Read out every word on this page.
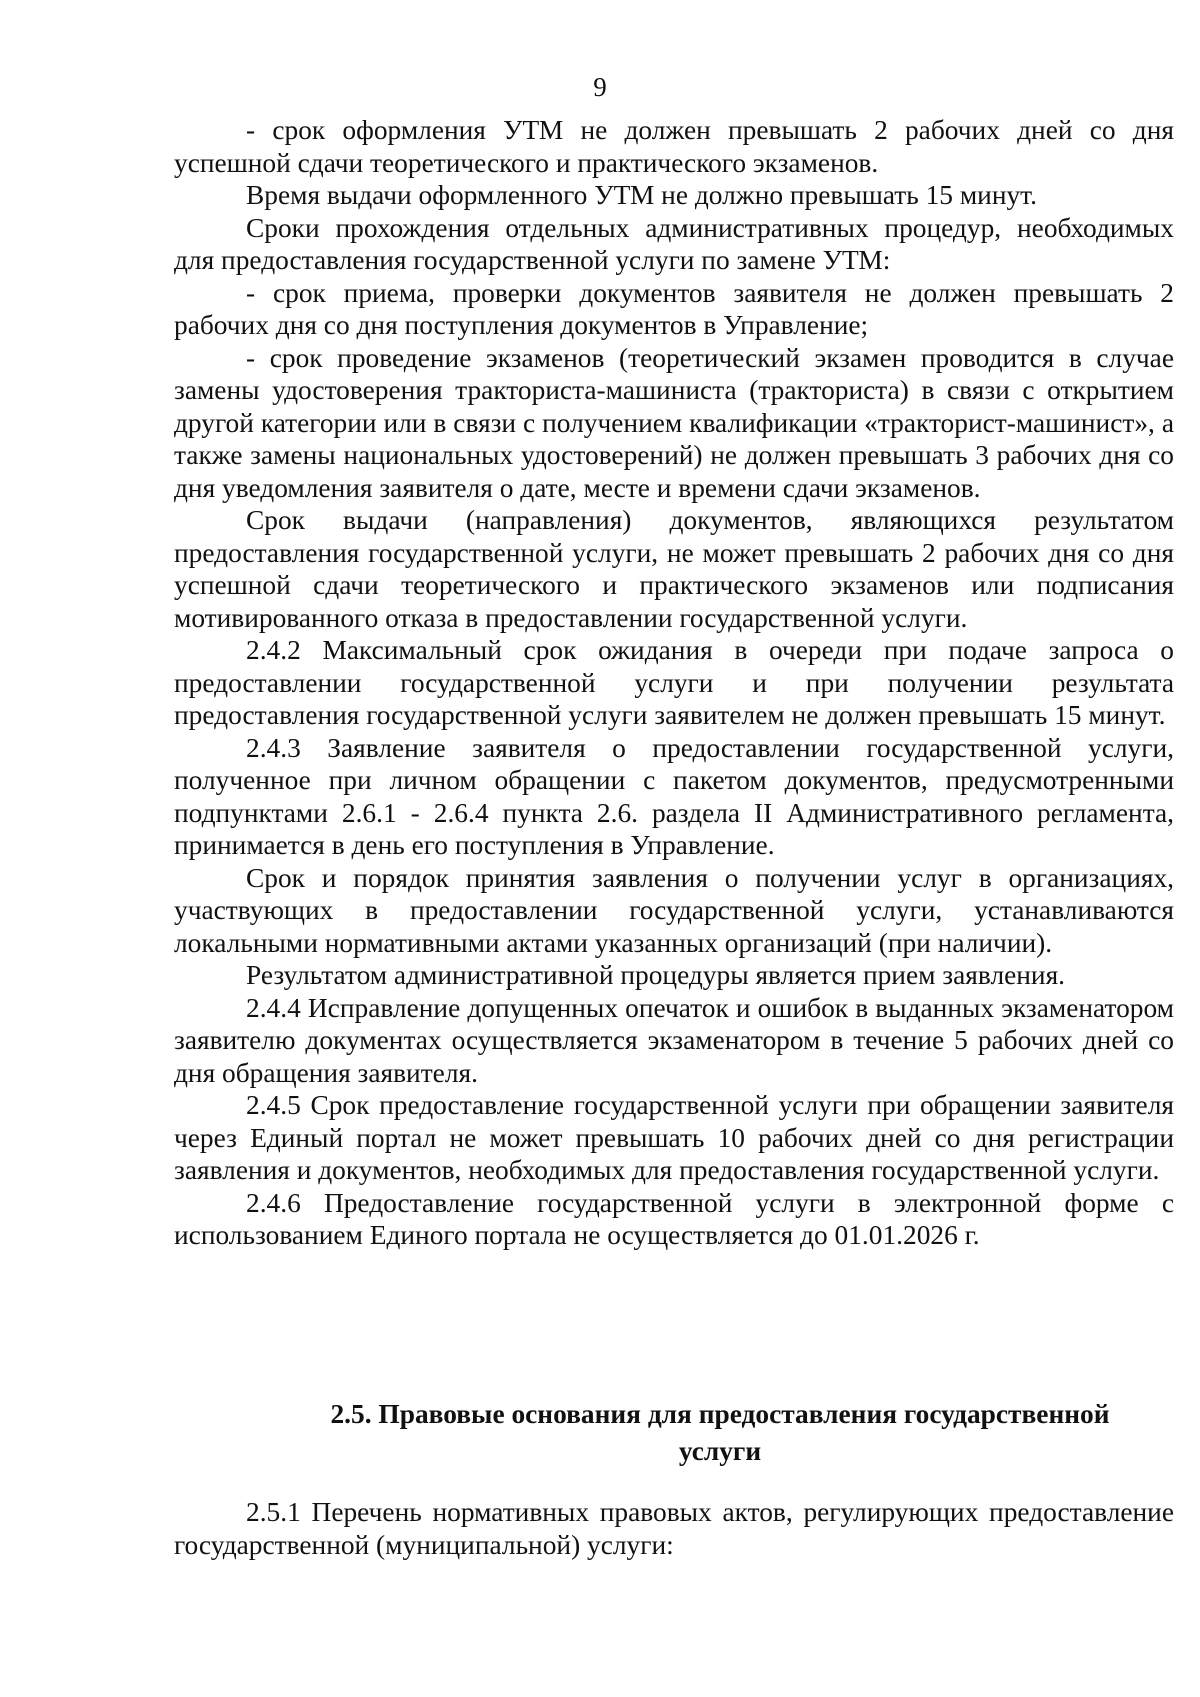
9

- срок оформления УТМ не должен превышать 2 рабочих дней со дня успешной сдачи теоретического и практического экзаменов.

Время выдачи оформленного УТМ не должно превышать 15 минут.

Сроки прохождения отдельных административных процедур, необходимых для предоставления государственной услуги по замене УТМ:

- срок приема, проверки документов заявителя не должен превышать 2 рабочих дня со дня поступления документов в Управление;

- срок проведение экзаменов (теоретический экзамен проводится в случае замены удостоверения тракториста-машиниста (тракториста) в связи с открытием другой категории или в связи с получением квалификации «тракторист-машинист», а также замены национальных удостоверений) не должен превышать 3 рабочих дня со дня уведомления заявителя о дате, месте и времени сдачи экзаменов.

Срок выдачи (направления) документов, являющихся результатом предоставления государственной услуги, не может превышать 2 рабочих дня со дня успешной сдачи теоретического и практического экзаменов или подписания мотивированного отказа в предоставлении государственной услуги.

2.4.2 Максимальный срок ожидания в очереди при подаче запроса о предоставлении государственной услуги и при получении результата предоставления государственной услуги заявителем не должен превышать 15 минут.

2.4.3 Заявление заявителя о предоставлении государственной услуги, полученное при личном обращении с пакетом документов, предусмотренными подпунктами 2.6.1 - 2.6.4 пункта 2.6. раздела II Административного регламента, принимается в день его поступления в Управление.

Срок и порядок принятия заявления о получении услуг в организациях, участвующих в предоставлении государственной услуги, устанавливаются локальными нормативными актами указанных организаций (при наличии).

Результатом административной процедуры является прием заявления.

2.4.4 Исправление допущенных опечаток и ошибок в выданных экзаменатором заявителю документах осуществляется экзаменатором в течение 5 рабочих дней со дня обращения заявителя.

2.4.5 Срок предоставление государственной услуги при обращении заявителя через Единый портал не может превышать 10 рабочих дней со дня регистрации заявления и документов, необходимых для предоставления государственной услуги.

2.4.6 Предоставление государственной услуги в электронной форме с использованием Единого портала не осуществляется до 01.01.2026 г.

2.5. Правовые основания для предоставления государственной услуги

2.5.1 Перечень нормативных правовых актов, регулирующих предоставление государственной (муниципальной) услуги:
